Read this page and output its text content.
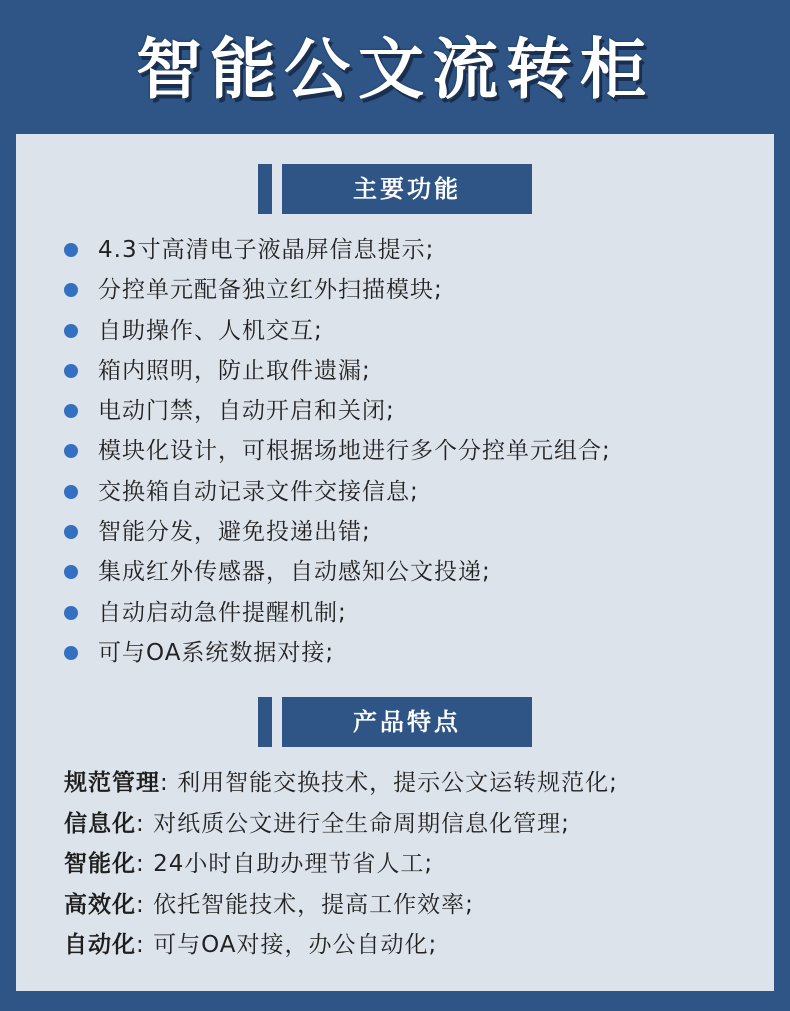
智能公文流转柜
主要功能
4.3寸高清电子液晶屏信息提示;
分控单元配备独立红外扫描模块;
自助操作、人机交互;
箱内照明，防止取件遗漏;
电动门禁，自动开启和关闭;
模块化设计，可根据场地进行多个分控单元组合;
交换箱自动记录文件交接信息;
智能分发，避免投递出错;
集成红外传感器，自动感知公文投递;
自动启动急件提醒机制;
可与OA系统数据对接;
产品特点
规范管理: 利用智能交换技术，提示公文运转规范化;
信息化: 对纸质公文进行全生命周期信息化管理;
智能化: 24小时自助办理节省人工;
高效化: 依托智能技术，提高工作效率;
自动化: 可与OA对接，办公自动化;
